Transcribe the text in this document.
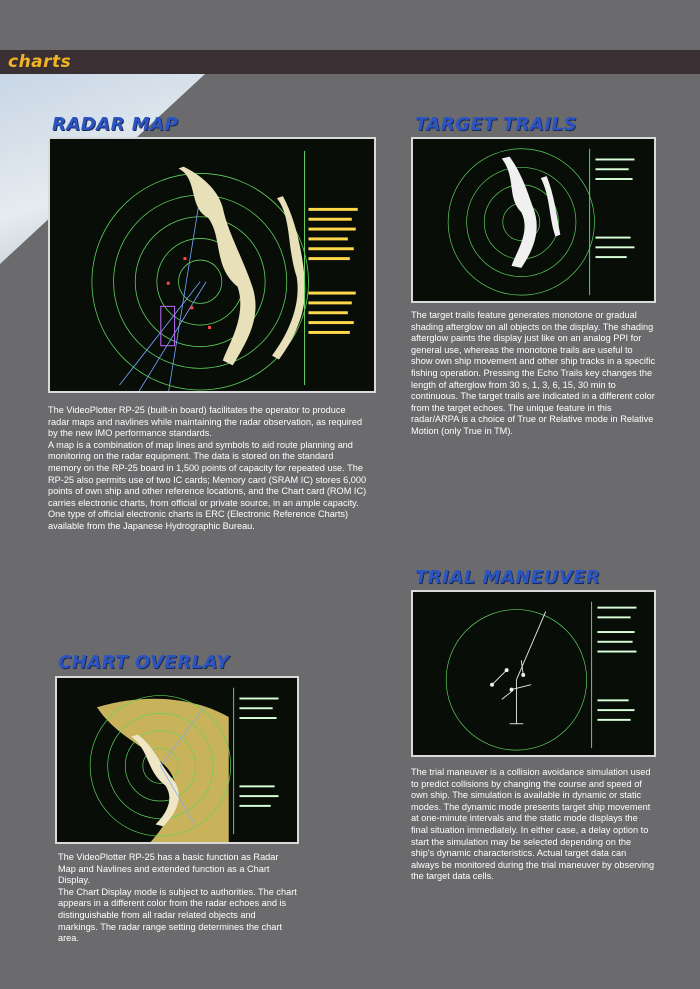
charts
RADAR MAP
The VideoPlotter RP-25 (built-in board) facilitates the operator to produce radar maps and navlines while maintaining the radar observation, as required by the new IMO performance standards.
A map is a combination of map lines and symbols to aid route planning and monitoring on the radar equipment. The data is stored on the standard memory on the RP-25 board in 1,500 points of capacity for repeated use. The RP-25 also permits use of two IC cards; Memory card (SRAM IC) stores 6,000 points of own ship and other reference locations, and the Chart card (ROM IC) carries electronic charts, from official or private source, in an ample capacity. One type of official electronic charts is ERC (Electronic Reference Charts) available from the Japanese Hydrographic Bureau.
TARGET TRAILS
The target trails feature generates monotone or gradual shading afterglow on all objects on the display. The shading afterglow paints the display just like on an analog PPI for general use, whereas the monotone trails are useful to show own ship movement and other ship tracks in a specific fishing operation. Pressing the Echo Trails key changes the length of afterglow from 30 s, 1, 3, 6, 15, 30 min to continuous. The target trails are indicated in a different color from the target echoes. The unique feature in this radar/ARPA is a choice of True or Relative mode in Relative Motion (only True in TM).
CHART OVERLAY
The VideoPlotter RP-25 has a basic function as Radar Map and Navlines and extended function as a Chart Display.
The Chart Display mode is subject to authorities. The chart appears in a different color from the radar echoes and is distinguishable from all radar related objects and markings. The radar range setting determines the chart area.
TRIAL MANEUVER
The trial maneuver is a collision avoidance simulation used to predict collisions by changing the course and speed of own ship. The simulation is available in dynamic or static modes. The dynamic mode presents target ship movement at one-minute intervals and the static mode displays the final situation immediately. In either case, a delay option to start the simulation may be selected depending on the ship's dynamic characteristics. Actual target data can always be monitored during the trial maneuver by observing the target data cells.
